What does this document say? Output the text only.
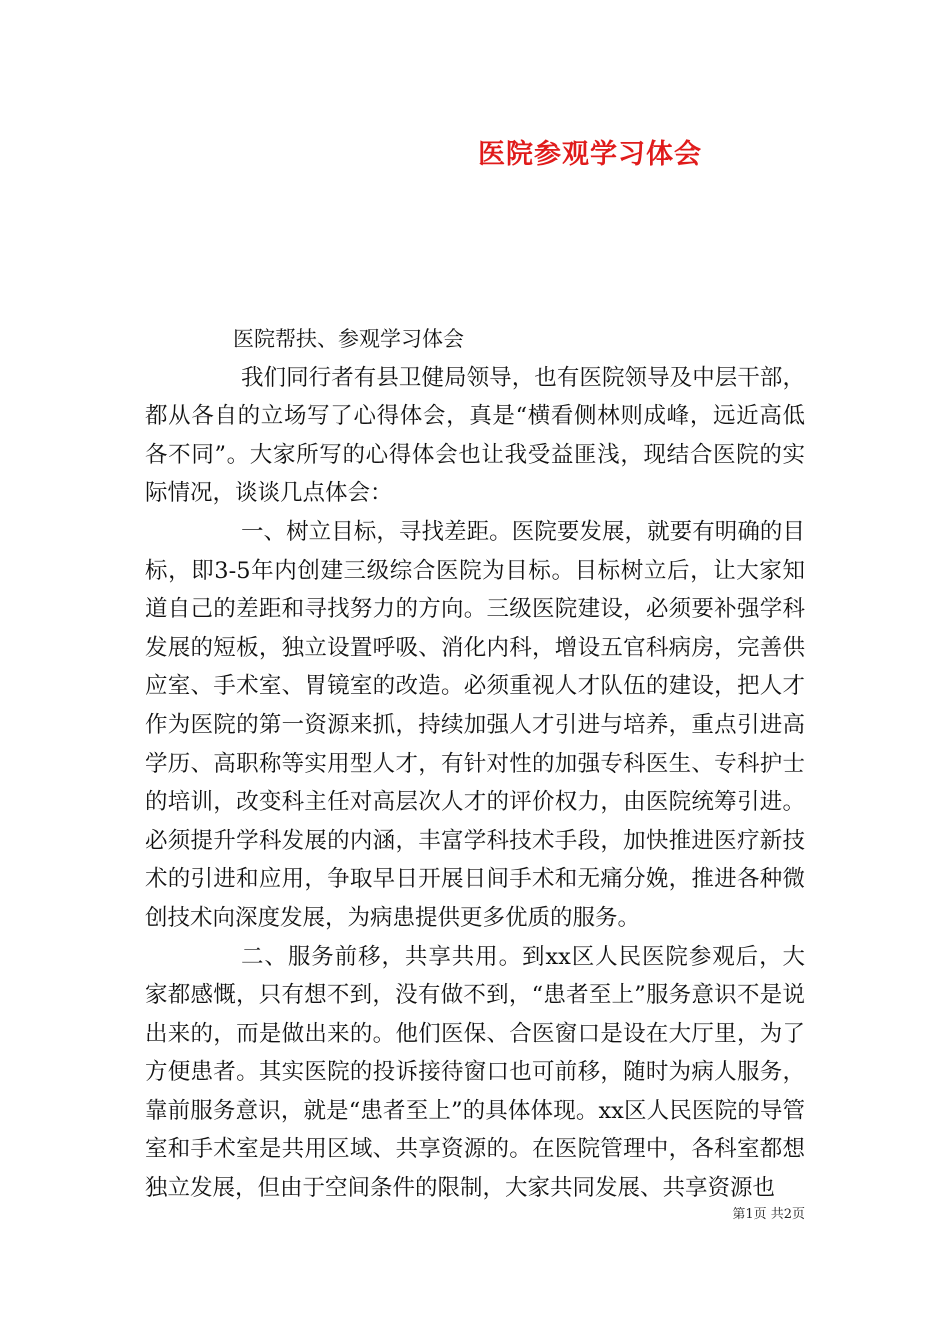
医院参观学习体会

医院帮扶、参观学习体会

我们同行者有县卫健局领导，也有医院领导及中层干部，都从各自的立场写了心得体会，真是“横看侧林则成峰，远近高低各不同”。大家所写的心得体会也让我受益匪浅，现结合医院的实际情况，谈谈几点体会：

一、树立目标，寻找差距。医院要发展，就要有明确的目标，即3-5年内创建三级综合医院为目标。目标树立后，让大家知道自己的差距和寻找努力的方向。三级医院建设，必须要补强学科发展的短板，独立设置呼吸、消化内科，增设五官科病房，完善供应室、手术室、胃镜室的改造。必须重视人才队伍的建设，把人才作为医院的第一资源来抓，持续加强人才引进与培养，重点引进高学历、高职称等实用型人才，有针对性的加强专科医生、专科护士的培训，改变科主任对高层次人才的评价权力，由医院统筹引进。必须提升学科发展的内涵，丰富学科技术手段，加快推进医疗新技术的引进和应用，争取早日开展日间手术和无痛分娩，推进各种微创技术向深度发展，为病患提供更多优质的服务。

二、服务前移，共享共用。到xx区人民医院参观后，大家都感慨，只有想不到，没有做不到，“患者至上”服务意识不是说出来的，而是做出来的。他们医保、合医窗口是设在大厅里，为了方便患者。其实医院的投诉接待窗口也可前移，随时为病人服务，靠前服务意识，就是“患者至上”的具体体现。xx区人民医院的导管室和手术室是共用区域、共享资源的。在医院管理中，各科室都想独立发展，但由于空间条件的限制，大家共同发展、共享资源也

第1页 共2页
